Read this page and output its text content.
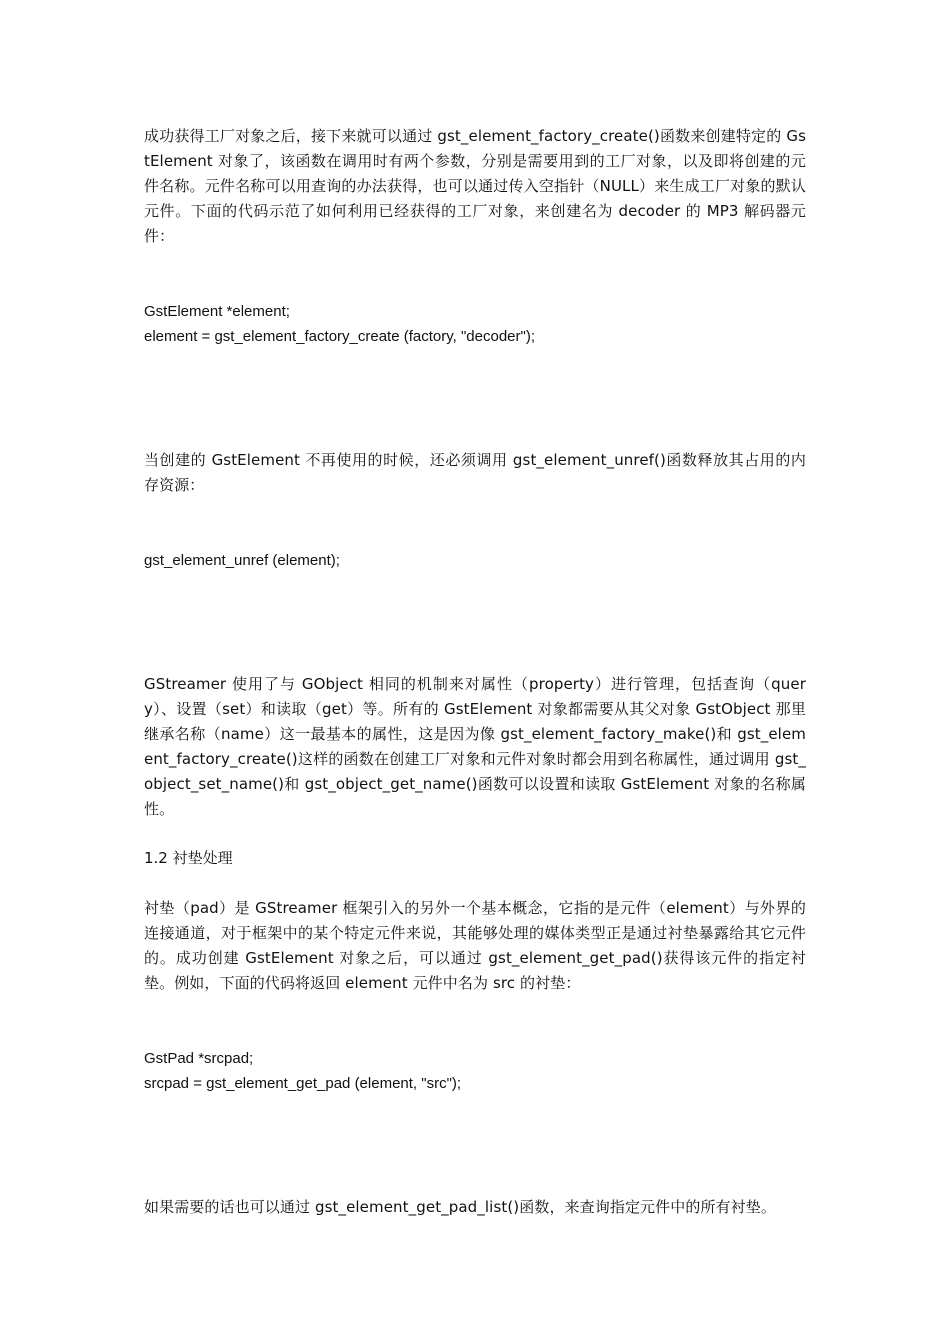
成功获得工厂对象之后，接下来就可以通过 gst_element_factory_create()函数来创建特定的 GstElement 对象了，该函数在调用时有两个参数，分别是需要用到的工厂对象，以及即将创建的元件名称。元件名称可以用查询的办法获得，也可以通过传入空指针（NULL）来生成工厂对象的默认元件。下面的代码示范了如何利用已经获得的工厂对象，来创建名为 decoder 的 MP3 解码器元件：

GstElement *element;

element = gst_element_factory_create (factory, "decoder");

当创建的 GstElement 不再使用的时候，还必须调用 gst_element_unref()函数释放其占用的内存资源：

gst_element_unref (element);

GStreamer 使用了与 GObject 相同的机制来对属性（property）进行管理，包括查询（query）、设置（set）和读取（get）等。所有的 GstElement 对象都需要从其父对象 GstObject 那里继承名称（name）这一最基本的属性，这是因为像 gst_element_factory_make()和 gst_element_factory_create()这样的函数在创建工厂对象和元件对象时都会用到名称属性，通过调用 gst_object_set_name()和 gst_object_get_name()函数可以设置和读取 GstElement 对象的名称属性。

1.2 衬垫处理

衬垫（pad）是 GStreamer 框架引入的另外一个基本概念，它指的是元件（element）与外界的连接通道，对于框架中的某个特定元件来说，其能够处理的媒体类型正是通过衬垫暴露给其它元件的。成功创建 GstElement 对象之后，可以通过 gst_element_get_pad()获得该元件的指定衬垫。例如，下面的代码将返回 element 元件中名为 src 的衬垫：

GstPad *srcpad;

srcpad = gst_element_get_pad (element, "src");

如果需要的话也可以通过 gst_element_get_pad_list()函数，来查询指定元件中的所有衬垫。
